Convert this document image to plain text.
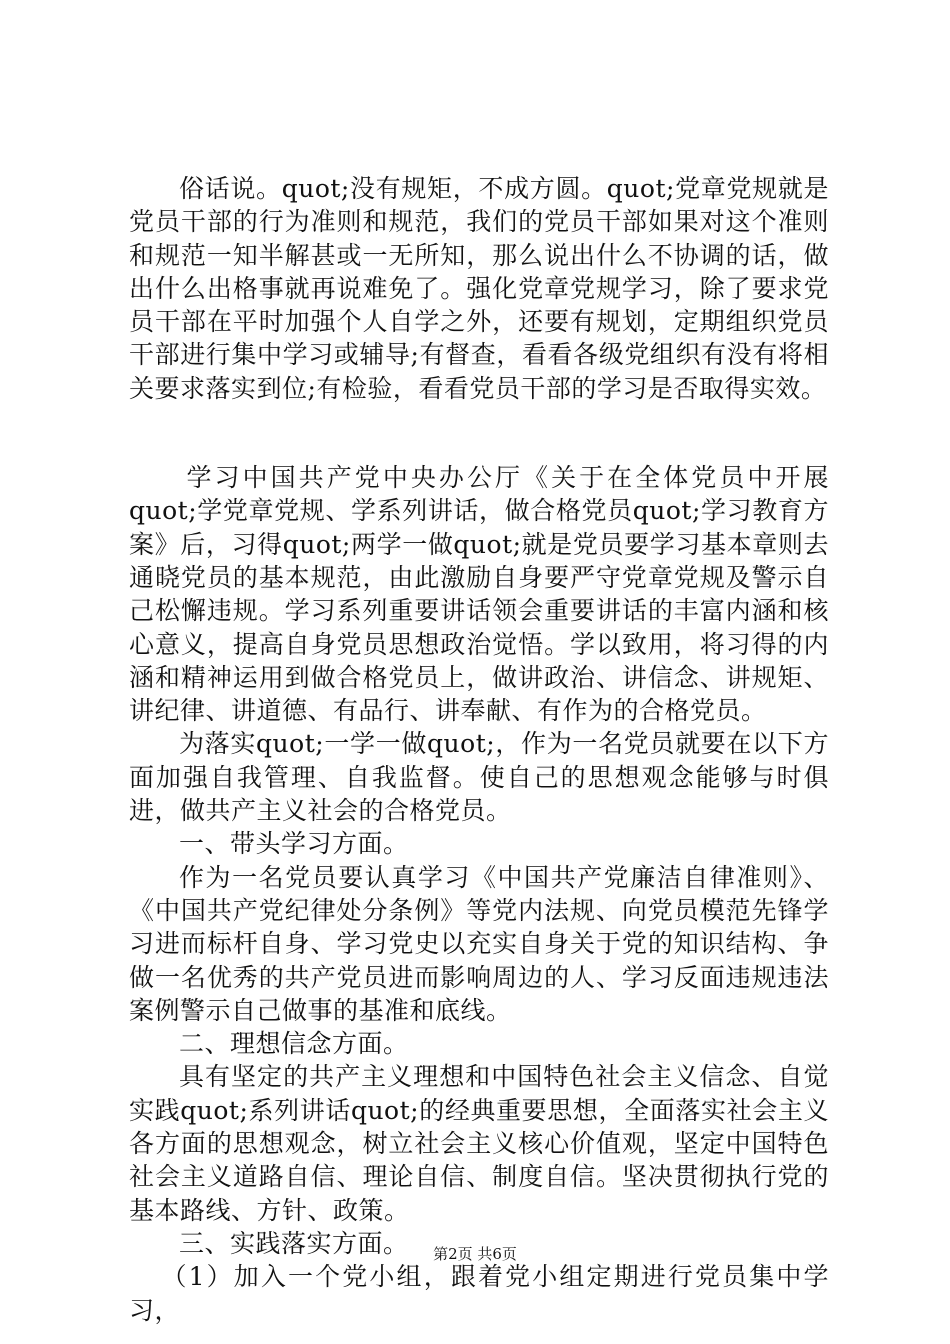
俗话说。quot;没有规矩，不成方圆。quot;党章党规就是党员干部的行为准则和规范，我们的党员干部如果对这个准则和规范一知半解甚或一无所知，那么说出什么不协调的话，做出什么出格事就再说难免了。强化党章党规学习，除了要求党员干部在平时加强个人自学之外，还要有规划，定期组织党员干部进行集中学习或辅导;有督查，看看各级党组织有没有将相关要求落实到位;有检验，看看党员干部的学习是否取得实效。

学习中国共产党中央办公厅《关于在全体党员中开展quot;学党章党规、学系列讲话，做合格党员quot;学习教育方案》后，习得quot;两学一做quot;就是党员要学习基本章则去通晓党员的基本规范，由此激励自身要严守党章党规及警示自己松懈违规。学习系列重要讲话领会重要讲话的丰富内涵和核心意义，提高自身党员思想政治觉悟。学以致用，将习得的内涵和精神运用到做合格党员上，做讲政治、讲信念、讲规矩、讲纪律、讲道德、有品行、讲奉献、有作为的合格党员。

为落实quot;一学一做quot;，作为一名党员就要在以下方面加强自我管理、自我监督。使自己的思想观念能够与时俱进，做共产主义社会的合格党员。

一、带头学习方面。

作为一名党员要认真学习《中国共产党廉洁自律准则》、《中国共产党纪律处分条例》等党内法规、向党员模范先锋学习进而标杆自身、学习党史以充实自身关于党的知识结构、争做一名优秀的共产党员进而影响周边的人、学习反面违规违法案例警示自己做事的基准和底线。

二、理想信念方面。

具有坚定的共产主义理想和中国特色社会主义信念、自觉实践quot;系列讲话quot;的经典重要思想，全面落实社会主义各方面的思想观念，树立社会主义核心价值观，坚定中国特色社会主义道路自信、理论自信、制度自信。坚决贯彻执行党的基本路线、方针、政策。

三、实践落实方面。

（1）加入一个党小组，跟着党小组定期进行党员集中学习，

第2页 共6页
